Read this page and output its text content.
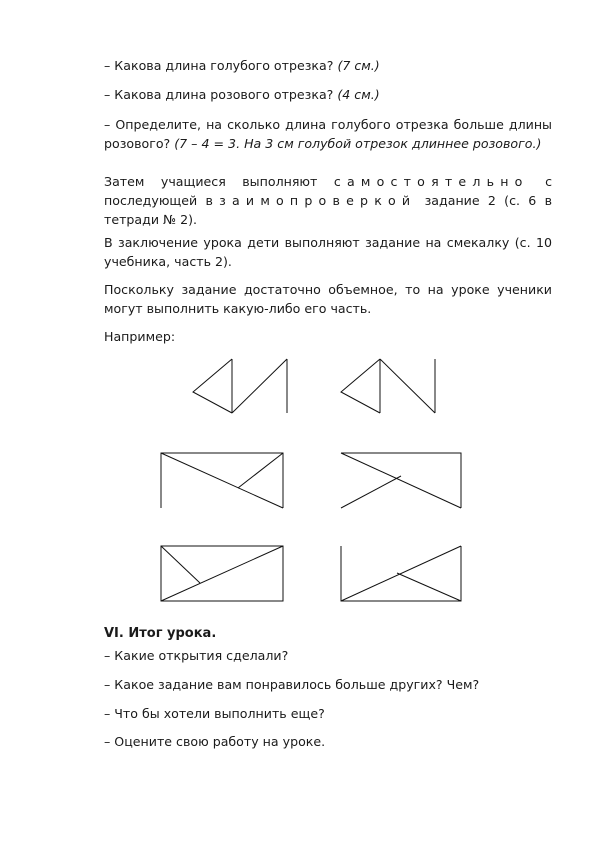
– Какова длина голубого отрезка? (7 см.)

– Какова длина розового отрезка? (4 см.)

– Определите, на сколько длина голубого отрезка больше длины розового? (7 – 4 = 3. На 3 см голубой отрезок длиннее розового.)

Затем учащиеся выполняют самостоятельно с последующей взаимопроверкой задание 2 (с. 6 в тетради № 2).

В заключение урока дети выполняют задание на смекалку (с. 10 учебника, часть 2).

Поскольку задание достаточно объемное, то на уроке ученики могут выполнить какую-либо его часть.

Например:

VI. Итог урока.

– Какие открытия сделали?

– Какое задание вам понравилось больше других? Чем?

– Что бы хотели выполнить еще?

– Оцените свою работу на уроке.
